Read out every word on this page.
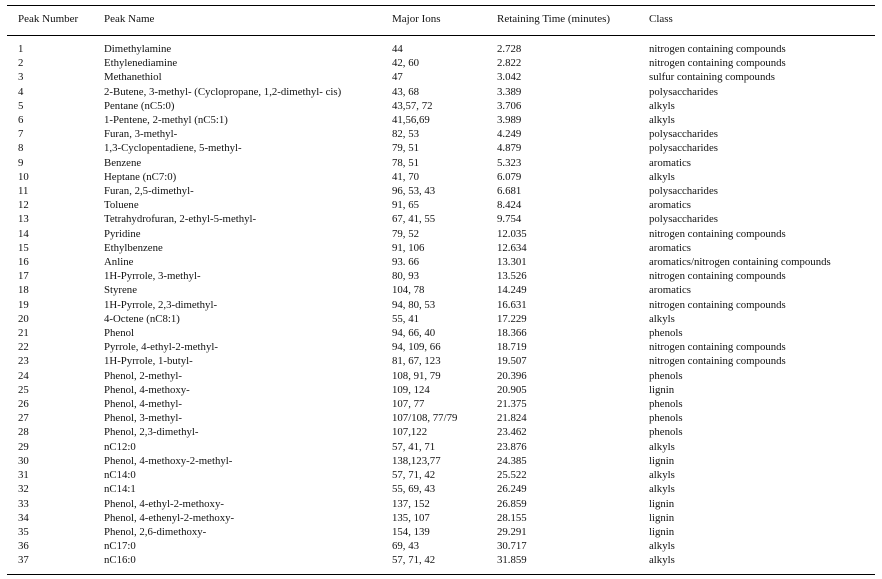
Peak Number	Peak Name	Major Ions	Retaining Time (minutes)	Class
1	Dimethylamine	44	2.728	nitrogen containing compounds
2	Ethylenediamine	42, 60	2.822	nitrogen containing compounds
3	Methanethiol	47	3.042	sulfur containing compounds
4	2-Butene, 3-methyl- (Cyclopropane, 1,2-dimethyl- cis)	43, 68	3.389	polysaccharides
5	Pentane (nC5:0)	43,57, 72	3.706	alkyls
6	1-Pentene, 2-methyl (nC5:1)	41,56,69	3.989	alkyls
7	Furan, 3-methyl-	82, 53	4.249	polysaccharides
8	1,3-Cyclopentadiene, 5-methyl-	79, 51	4.879	polysaccharides
9	Benzene	78, 51	5.323	aromatics
10	Heptane (nC7:0)	41, 70	6.079	alkyls
11	Furan, 2,5-dimethyl-	96, 53, 43	6.681	polysaccharides
12	Toluene	91, 65	8.424	aromatics
13	Tetrahydrofuran, 2-ethyl-5-methyl-	67, 41, 55	9.754	polysaccharides
14	Pyridine	79, 52	12.035	nitrogen containing compounds
15	Ethylbenzene	91, 106	12.634	aromatics
16	Anline	93. 66	13.301	aromatics/nitrogen containing compounds
17	1H-Pyrrole, 3-methyl-	80, 93	13.526	nitrogen containing compounds
18	Styrene	104, 78	14.249	aromatics
19	1H-Pyrrole, 2,3-dimethyl-	94, 80, 53	16.631	nitrogen containing compounds
20	4-Octene (nC8:1)	55, 41	17.229	alkyls
21	Phenol	94, 66, 40	18.366	phenols
22	Pyrrole, 4-ethyl-2-methyl-	94, 109, 66	18.719	nitrogen containing compounds
23	1H-Pyrrole, 1-butyl-	81, 67, 123	19.507	nitrogen containing compounds
24	Phenol, 2-methyl-	108, 91, 79	20.396	phenols
25	Phenol, 4-methoxy-	109, 124	20.905	lignin
26	Phenol, 4-methyl-	107, 77	21.375	phenols
27	Phenol, 3-methyl-	107/108, 77/79	21.824	phenols
28	Phenol, 2,3-dimethyl-	107,122	23.462	phenols
29	nC12:0	57, 41, 71	23.876	alkyls
30	Phenol, 4-methoxy-2-methyl-	138,123,77	24.385	lignin
31	nC14:0	57, 71, 42	25.522	alkyls
32	nC14:1	55, 69, 43	26.249	alkyls
33	Phenol, 4-ethyl-2-methoxy-	137, 152	26.859	lignin
34	Phenol, 4-ethenyl-2-methoxy-	135, 107	28.155	lignin
35	Phenol, 2,6-dimethoxy-	154, 139	29.291	lignin
36	nC17:0	69, 43	30.717	alkyls
37	nC16:0	57, 71, 42	31.859	alkyls
